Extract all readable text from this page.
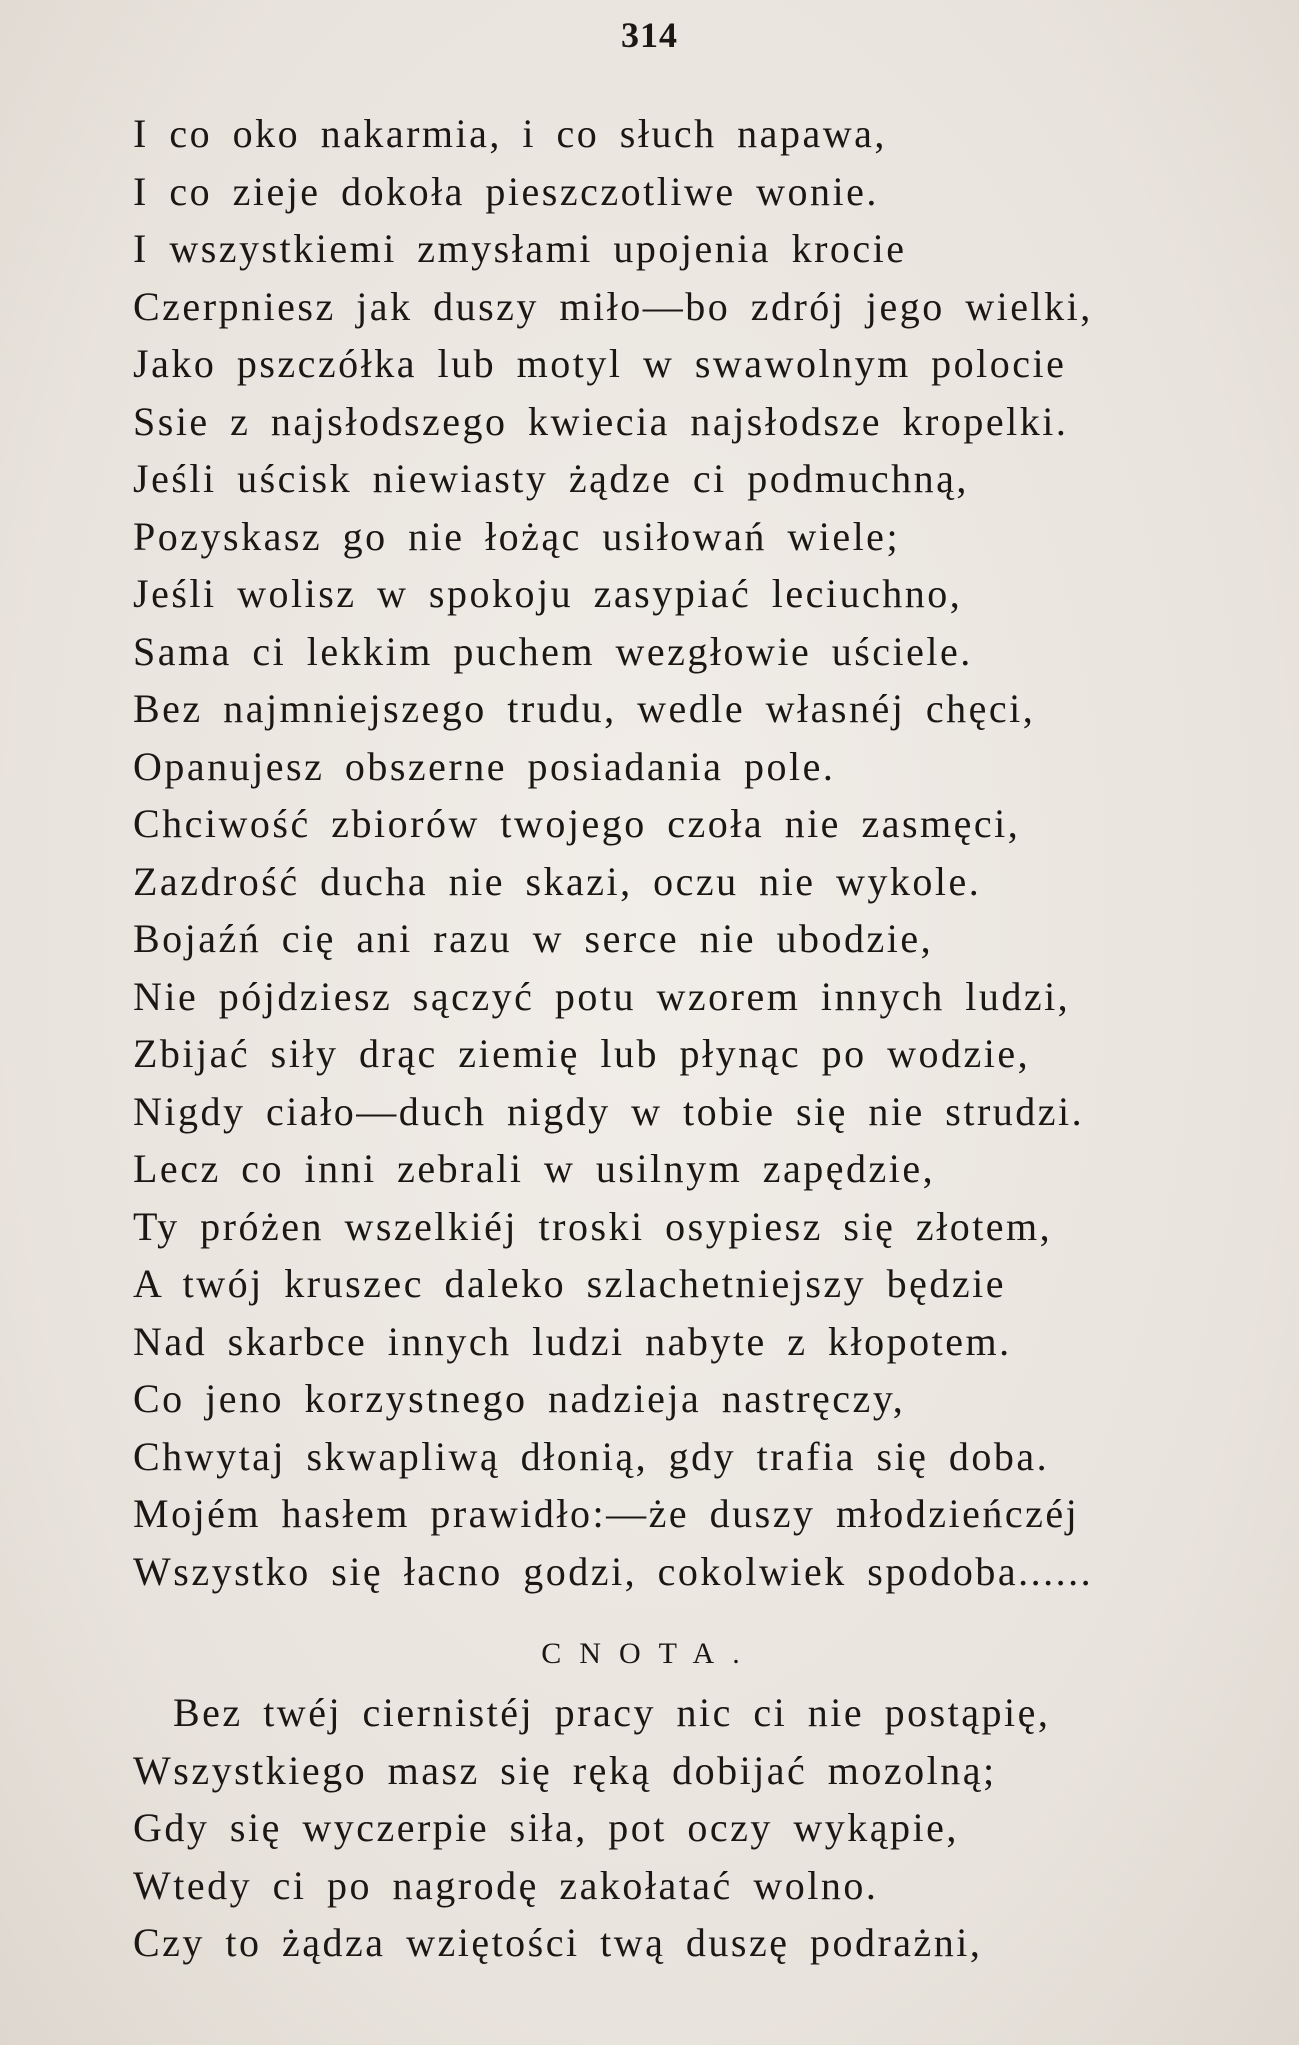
314
I co oko nakarmia, i co słuch napawa,
I co zieje dokoła pieszczotliwe wonie.
I wszystkiemi zmysłami upojenia krocie
Czerpniesz jak duszy miło—bo zdrój jego wielki,
Jako pszczółka lub motyl w swawolnym polocie
Ssie z najsłodszego kwiecia najsłodsze kropelki.
Jeśli uścisk niewiasty żądze ci podmuchną,
Pozyskasz go nie łożąc usiłowań wiele;
Jeśli wolisz w spokoju zasypiać leciuchno,
Sama ci lekkim puchem wezgłowie uściele.
Bez najmniejszego trudu, wedle własnéj chęci,
Opanujesz obszerne posiadania pole.
Chciwość zbiorów twojego czoła nie zasmęci,
Zazdrość ducha nie skazi, oczu nie wykole.
Bojaźń cię ani razu w serce nie ubodzie,
Nie pójdziesz sączyć potu wzorem innych ludzi,
Zbijać siły drąc ziemię lub płynąc po wodzie,
Nigdy ciało—duch nigdy w tobie się nie strudzi.
Lecz co inni zebrali w usilnym zapędzie,
Ty próżen wszelkiéj troski osypiesz się złotem,
A twój kruszec daleko szlachetniejszy będzie
Nad skarbce innych ludzi nabyte z kłopotem.
Co jeno korzystnego nadzieja nastręczy,
Chwytaj skwapliwą dłonią, gdy trafia się doba.
Mojém hasłem prawidło:—że duszy młodzieńczéj
Wszystko się łacno godzi, cokolwiek spodoba......
CNOTA.
Bez twéj ciernistéj pracy nic ci nie postąpię,
Wszystkiego masz się ręką dobijać mozolną;
Gdy się wyczerpie siła, pot oczy wykąpie,
Wtedy ci po nagrodę zakołatać wolno.
Czy to żądza wziętości twą duszę podrażni,
